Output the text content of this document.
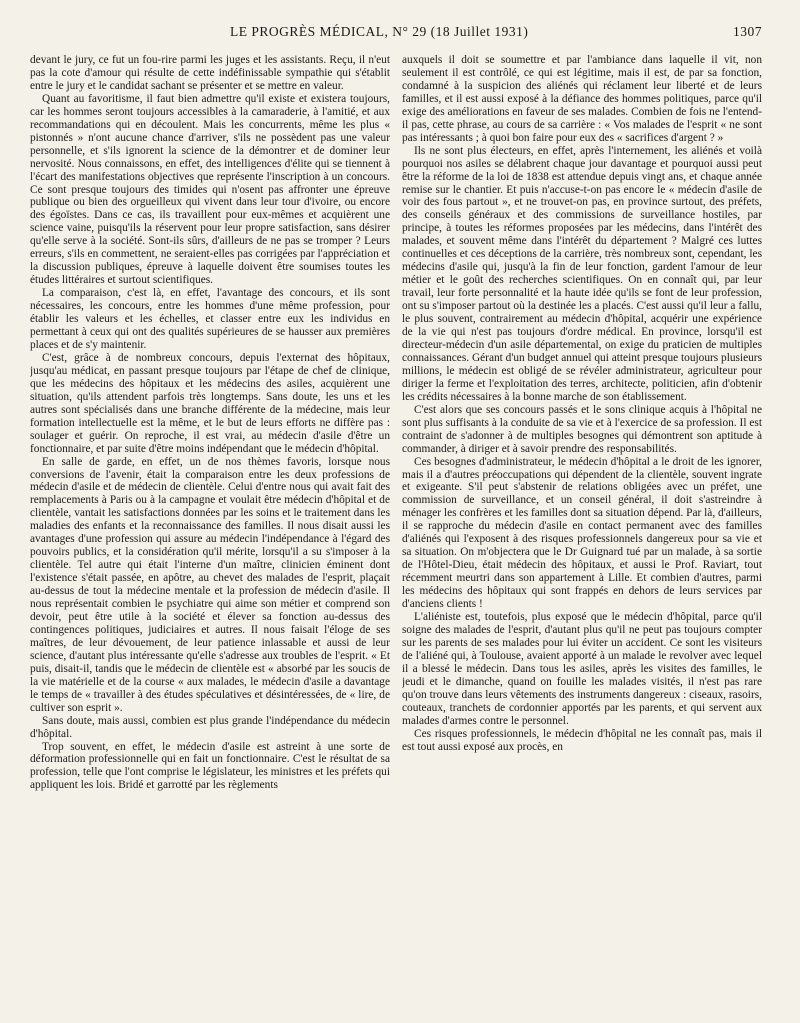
LE PROGRÈS MÉDICAL, N° 29 (18 Juillet 1931)	1307

devant le jury, ce fut un fou-rire parmi les juges et les assistants. Reçu, il n'eut pas la cote d'amour qui résulte de cette indéfinissable sympathie qui s'établit entre le jury et le candidat sachant se présenter et se mettre en valeur.

Quant au favoritisme, il faut bien admettre qu'il existe et existera toujours, car les hommes seront toujours accessibles à la camaraderie, à l'amitié, et aux recommandations qui en découlent. Mais les concurrents, même les plus « pistonnés » n'ont aucune chance d'arriver, s'ils ne possèdent pas une valeur personnelle, et s'ils ignorent la science de la démontrer et de dominer leur nervosité. Nous connaissons, en effet, des intelligences d'élite qui se tiennent à l'écart des manifestations objectives que représente l'inscription à un concours. Ce sont presque toujours des timides qui n'osent pas affronter une épreuve publique ou bien des orgueilleux qui vivent dans leur tour d'ivoire, ou encore des égoïstes. Dans ce cas, ils travaillent pour eux-mêmes et acquièrent une science vaine, puisqu'ils la réservent pour leur propre satisfaction, sans désirer qu'elle serve à la société. Sont-ils sûrs, d'ailleurs de ne pas se tromper ? Leurs erreurs, s'ils en commettent, ne seraient-elles pas corrigées par l'appréciation et la discussion publiques, épreuve à laquelle doivent être soumises toutes les études littéraires et surtout scientifiques.

La comparaison, c'est là, en effet, l'avantage des concours, et ils sont nécessaires, les concours, entre les hommes d'une même profession, pour établir les valeurs et les échelles, et classer entre eux les individus en permettant à ceux qui ont des qualités supérieures de se hausser aux premières places et de s'y maintenir.

C'est, grâce à de nombreux concours, depuis l'externat des hôpitaux, jusqu'au médicat, en passant presque toujours par l'étape de chef de clinique, que les médecins des hôpitaux et les médecins des asiles, acquièrent une situation, qu'ils attendent parfois très longtemps. Sans doute, les uns et les autres sont spécialisés dans une branche différente de la médecine, mais leur formation intellectuelle est la même, et le but de leurs efforts ne diffère pas : soulager et guérir. On reproche, il est vrai, au médecin d'asile d'être un fonctionnaire, et par suite d'être moins indépendant que le médecin d'hôpital.

En salle de garde, en effet, un de nos thèmes favoris, lorsque nous conversions de l'avenir, était la comparaison entre les deux professions de médecin d'asile et de médecin de clientèle. Celui d'entre nous qui avait fait des remplacements à Paris ou à la campagne et voulait être médecin d'hôpital et de clientèle, vantait les satisfactions données par les soins et le traitement dans les maladies des enfants et la reconnaissance des familles. Il nous disait aussi les avantages d'une profession qui assure au médecin l'indépendance à l'égard des pouvoirs publics, et la considération qu'il mérite, lorsqu'il a su s'imposer à la clientèle. Tel autre qui était l'interne d'un maître, clinicien éminent dont l'existence s'était passée, en apôtre, au chevet des malades de l'esprit, plaçait au-dessus de tout la médecine mentale et la profession de médecin d'asile. Il nous représentait combien le psychiatre qui aime son métier et comprend son devoir, peut être utile à la société et élever sa fonction au-dessus des contingences politiques, judiciaires et autres. Il nous faisait l'éloge de ses maîtres, de leur dévouement, de leur patience inlassable et aussi de leur science, d'autant plus intéressante qu'elle s'adresse aux troubles de l'esprit. « Et puis, disait-il, tandis que le médecin de clientèle est « absorbé par les soucis de la vie matérielle et de la course « aux malades, le médecin d'asile a davantage le temps de « travailler à des études spéculatives et désintéressées, de « lire, de cultiver son esprit ».

Sans doute, mais aussi, combien est plus grande l'indépendance du médecin d'hôpital.

Trop souvent, en effet, le médecin d'asile est astreint à une sorte de déformation professionnelle qui en fait un fonctionnaire. C'est le résultat de sa profession, telle que l'ont comprise le législateur, les ministres et les préfets qui appliquent les lois. Bridé et garrotté par les règlements

auxquels il doit se soumettre et par l'ambiance dans laquelle il vit, non seulement il est contrôlé, ce qui est légitime, mais il est, de par sa fonction, condamné à la suspicion des aliénés qui réclament leur liberté et de leurs familles, et il est aussi exposé à la défiance des hommes politiques, parce qu'il exige des améliorations en faveur de ses malades. Combien de fois ne l'entend-il pas, cette phrase, au cours de sa carrière : « Vos malades de l'esprit « ne sont pas intéressants ; à quoi bon faire pour eux des « sacrifices d'argent ? »

Ils ne sont plus électeurs, en effet, après l'internement, les aliénés et voilà pourquoi nos asiles se délabrent chaque jour davantage et pourquoi aussi peut être la réforme de la loi de 1838 est attendue depuis vingt ans, et chaque année remise sur le chantier. Et puis n'accuse-t-on pas encore le « médecin d'asile de voir des fous partout », et ne trouvet-on pas, en province surtout, des préfets, des conseils généraux et des commissions de surveillance hostiles, par principe, à toutes les réformes proposées par les médecins, dans l'intérêt des malades, et souvent même dans l'intérêt du département ? Malgré ces luttes continuelles et ces déceptions de la carrière, très nombreux sont, cependant, les médecins d'asile qui, jusqu'à la fin de leur fonction, gardent l'amour de leur métier et le goût des recherches scientifiques. On en connaît qui, par leur travail, leur forte personnalité et la haute idée qu'ils se font de leur profession, ont su s'imposer partout où la destinée les a placés. C'est aussi qu'il leur a fallu, le plus souvent, contrairement au médecin d'hôpital, acquérir une expérience de la vie qui n'est pas toujours d'ordre médical. En province, lorsqu'il est directeur-médecin d'un asile départemental, on exige du praticien de multiples connaissances. Gérant d'un budget annuel qui atteint presque toujours plusieurs millions, le médecin est obligé de se révéler administrateur, agriculteur pour diriger la ferme et l'exploitation des terres, architecte, politicien, afin d'obtenir les crédits nécessaires à la bonne marche de son établissement.

C'est alors que ses concours passés et le sons clinique acquis à l'hôpital ne sont plus suffisants à la conduite de sa vie et à l'exercice de sa profession. Il est contraint de s'adonner à de multiples besognes qui démontrent son aptitude à commander, à diriger et à savoir prendre des responsabilités.

Ces besognes d'administrateur, le médecin d'hôpital a le droit de les ignorer, mais il a d'autres préoccupations qui dépendent de la clientèle, souvent ingrate et exigeante. S'il peut s'abstenir de relations obligées avec un préfet, une commission de surveillance, et un conseil général, il doit s'astreindre à ménager les confrères et les familles dont sa situation dépend. Par là, d'ailleurs, il se rapproche du médecin d'asile en contact permanent avec des familles d'aliénés qui l'exposent à des risques professionnels dangereux pour sa vie et sa situation. On m'objectera que le Dr Guignard tué par un malade, à sa sortie de l'Hôtel-Dieu, était médecin des hôpitaux, et aussi le Prof. Raviart, tout récemment meurtri dans son appartement à Lille. Et combien d'autres, parmi les médecins des hôpitaux qui sont frappés en dehors de leurs services par d'anciens clients !

L'aliéniste est, toutefois, plus exposé que le médecin d'hôpital, parce qu'il soigne des malades de l'esprit, d'autant plus qu'il ne peut pas toujours compter sur les parents de ses malades pour lui éviter un accident. Ce sont les visiteurs de l'aliéné qui, à Toulouse, avaient apporté à un malade le revolver avec lequel il a blessé le médecin. Dans tous les asiles, après les visites des familles, le jeudi et le dimanche, quand on fouille les malades visités, il n'est pas rare qu'on trouve dans leurs vêtements des instruments dangereux : ciseaux, rasoirs, couteaux, tranchets de cordonnier apportés par les parents, et qui servent aux malades d'armes contre le personnel.

Ces risques professionnels, le médecin d'hôpital ne les connaît pas, mais il est tout aussi exposé aux procès, en
